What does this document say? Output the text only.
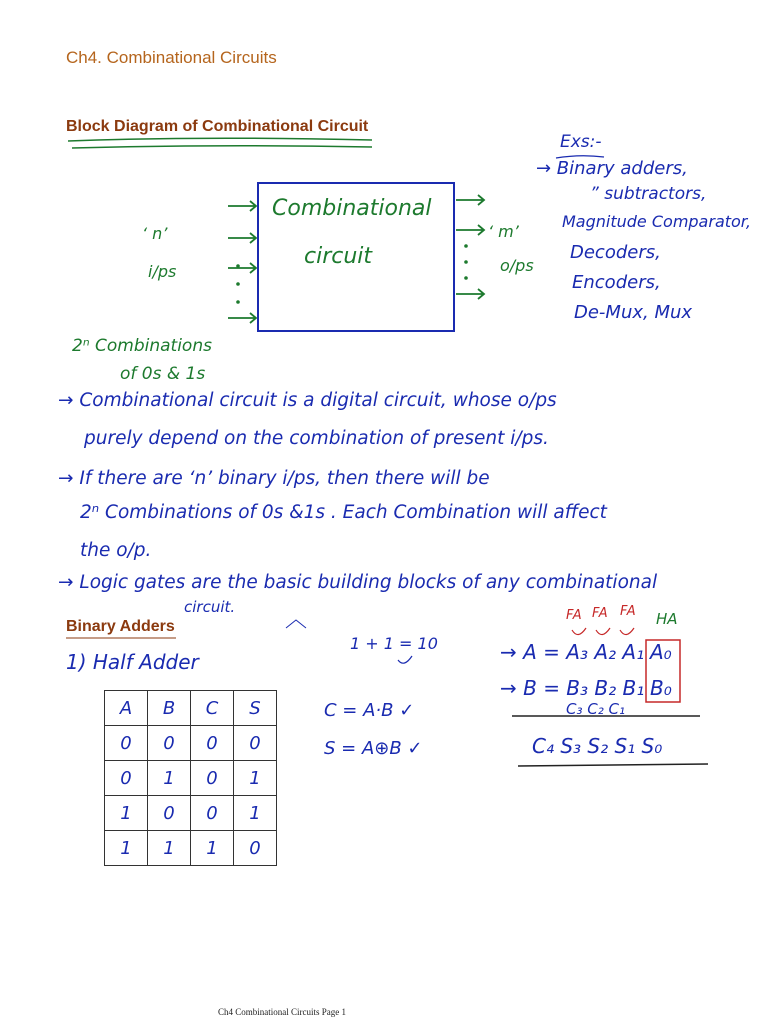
Ch4. Combinational Circuits
Block Diagram of Combinational Circuit
Combinational
circuit
‘ n’
i/ps
‘ m’
o/ps
2ⁿ Combinations
of 0s & 1s
Exs:-
→ Binary adders,
” subtractors,
Magnitude Comparator,
Decoders,
Encoders,
De-Mux, Mux
→ Combinational circuit is a digital circuit, whose o/ps
purely depend on the combination of present i/ps.
→ If there are ‘n’ binary i/ps, then there will be
2ⁿ Combinations of 0s &1s . Each Combination will affect
the o/p.
→ Logic gates are the basic building blocks of any combinational
circuit.
Binary Adders
1) Half Adder
1 + 1 = 10
C = A·B ✓
S = A⊕B ✓
A	B	C	S
0	0	0	0
0	1	0	1
1	0	0	1
1	1	1	0
FA FA FA HA
→ A = A₃ A₂ A₁ A₀
→ B = B₃ B₂ B₁ B₀
C₃ C₂ C₁
C₄ S₃ S₂ S₁ S₀
Ch4 Combinational Circuits Page 1
